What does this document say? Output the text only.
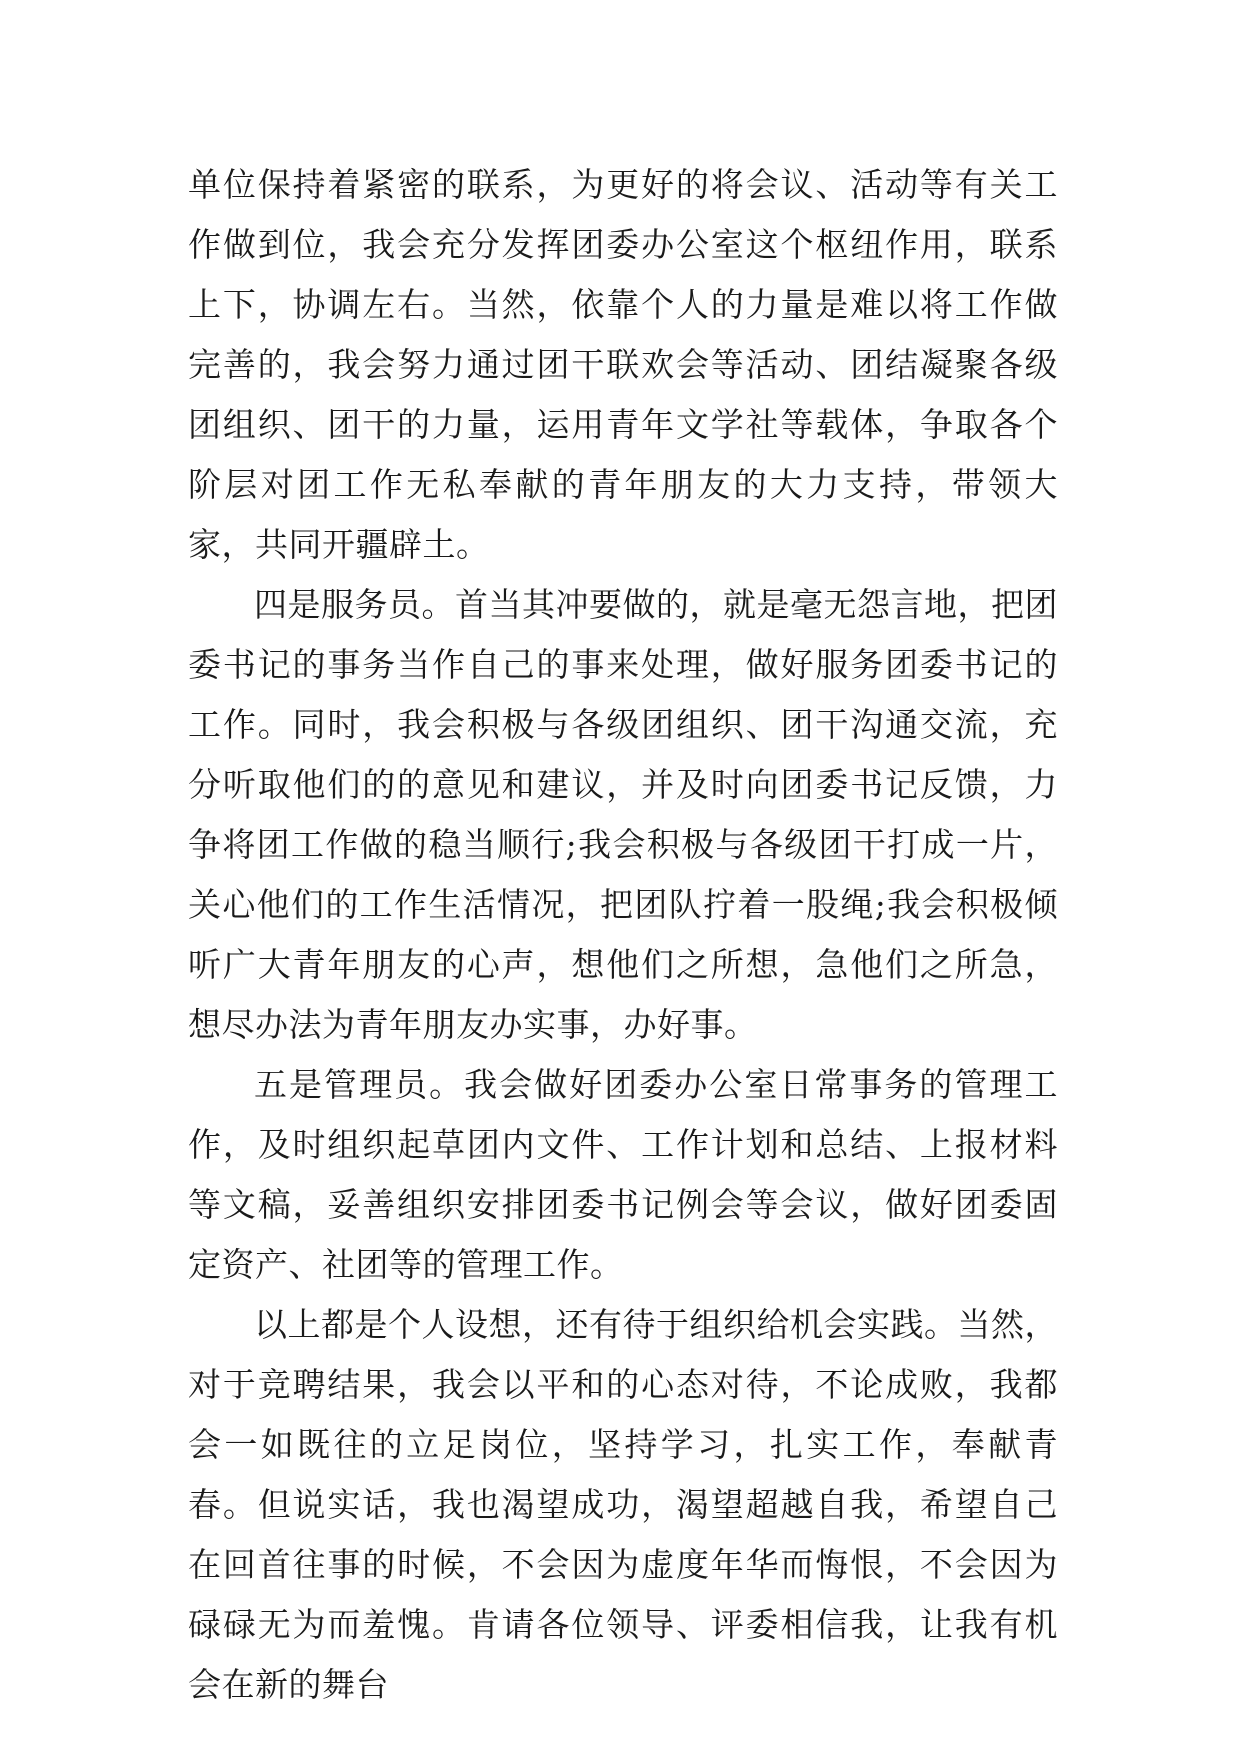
单位保持着紧密的联系，为更好的将会议、活动等有关工作做到位，我会充分发挥团委办公室这个枢纽作用，联系上下，协调左右。当然，依靠个人的力量是难以将工作做完善的，我会努力通过团干联欢会等活动、团结凝聚各级团组织、团干的力量，运用青年文学社等载体，争取各个阶层对团工作无私奉献的青年朋友的大力支持，带领大家，共同开疆辟土。

四是服务员。首当其冲要做的，就是毫无怨言地，把团委书记的事务当作自己的事来处理，做好服务团委书记的工作。同时，我会积极与各级团组织、团干沟通交流，充分听取他们的的意见和建议，并及时向团委书记反馈，力争将团工作做的稳当顺行;我会积极与各级团干打成一片，关心他们的工作生活情况，把团队拧着一股绳;我会积极倾听广大青年朋友的心声，想他们之所想，急他们之所急，想尽办法为青年朋友办实事，办好事。

五是管理员。我会做好团委办公室日常事务的管理工作，及时组织起草团内文件、工作计划和总结、上报材料等文稿，妥善组织安排团委书记例会等会议，做好团委固定资产、社团等的管理工作。

以上都是个人设想，还有待于组织给机会实践。当然，对于竞聘结果，我会以平和的心态对待，不论成败，我都会一如既往的立足岗位，坚持学习，扎实工作，奉献青春。但说实话，我也渴望成功，渴望超越自我，希望自己在回首往事的时候，不会因为虚度年华而悔恨，不会因为碌碌无为而羞愧。肯请各位领导、评委相信我，让我有机会在新的舞台
